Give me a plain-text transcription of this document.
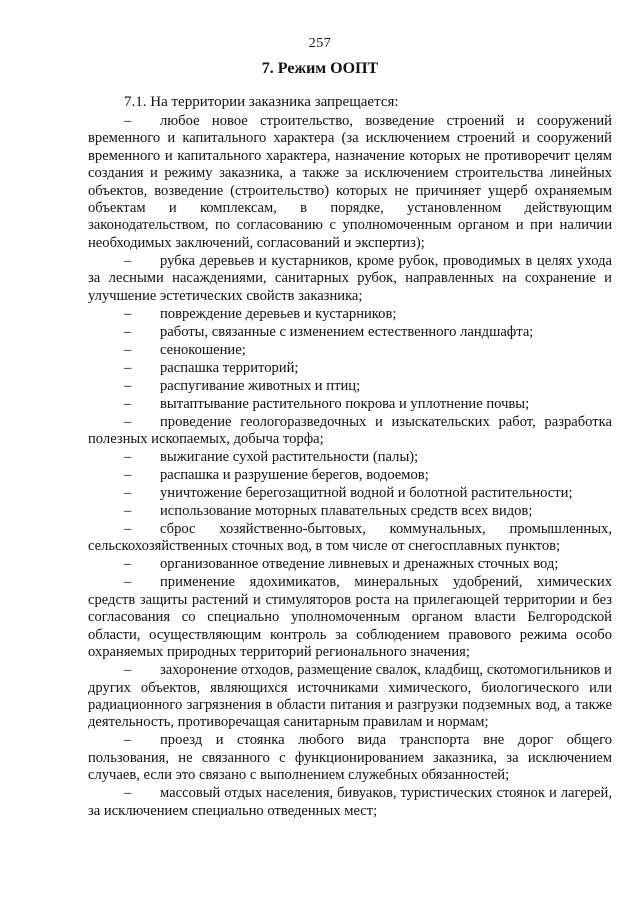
257
7. Режим ООПТ
7.1. На территории заказника запрещается:

– любое новое строительство, возведение строений и сооружений временного и капитального характера (за исключением строений и сооружений временного и капитального характера, назначение которых не противоречит целям создания и режиму заказника, а также за исключением строительства линейных объектов, возведение (строительство) которых не причиняет ущерб охраняемым объектам и комплексам, в порядке, установленном действующим законодательством, по согласованию с уполномоченным органом и при наличии необходимых заключений, согласований и экспертиз);

– рубка деревьев и кустарников, кроме рубок, проводимых в целях ухода за лесными насаждениями, санитарных рубок, направленных на сохранение и улучшение эстетических свойств заказника;

– повреждение деревьев и кустарников;

– работы, связанные с изменением естественного ландшафта;

– сенокошение;

– распашка территорий;

– распугивание животных и птиц;

– вытаптывание растительного покрова и уплотнение почвы;

– проведение геологоразведочных и изыскательских работ, разработка полезных ископаемых, добыча торфа;

– выжигание сухой растительности (палы);

– распашка и разрушение берегов, водоемов;

– уничтожение берегозащитной водной и болотной растительности;

– использование моторных плавательных средств всех видов;

– сброс хозяйственно-бытовых, коммунальных, промышленных, сельскохозяйственных сточных вод, в том числе от снегосплавных пунктов;

– организованное отведение ливневых и дренажных сточных вод;

– применение ядохимикатов, минеральных удобрений, химических средств защиты растений и стимуляторов роста на прилегающей территории и без согласования со специально уполномоченным органом власти Белгородской области, осуществляющим контроль за соблюдением правового режима особо охраняемых природных территорий регионального значения;

– захоронение отходов, размещение свалок, кладбищ, скотомогильников и других объектов, являющихся источниками химического, биологического или радиационного загрязнения в области питания и разгрузки подземных вод, а также деятельность, противоречащая санитарным правилам и нормам;

– проезд и стоянка любого вида транспорта вне дорог общего пользования, не связанного с функционированием заказника, за исключением случаев, если это связано с выполнением служебных обязанностей;

– массовый отдых населения, бивуаков, туристических стоянок и лагерей, за исключением специально отведенных мест;
